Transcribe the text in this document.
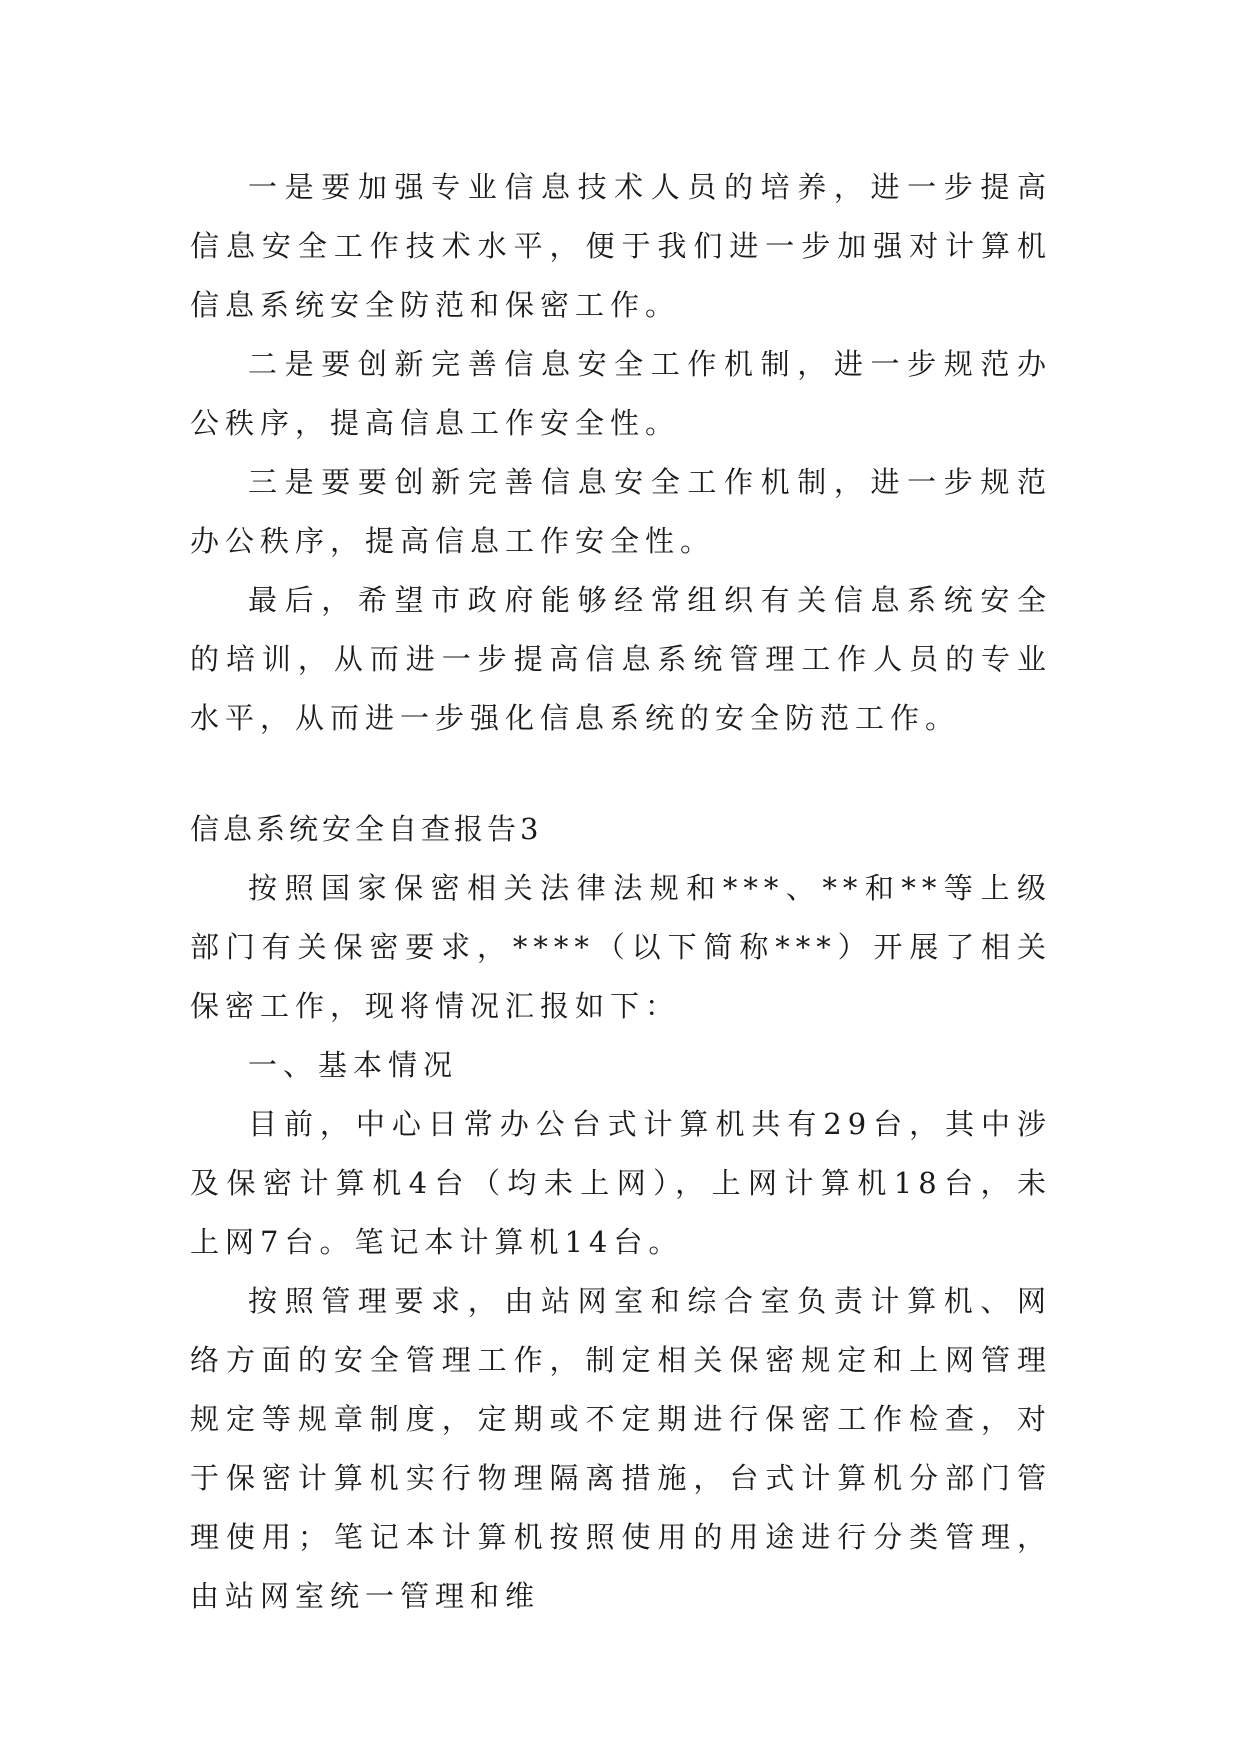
一是要加强专业信息技术人员的培养，进一步提高信息安全工作技术水平，便于我们进一步加强对计算机信息系统安全防范和保密工作。

二是要创新完善信息安全工作机制，进一步规范办公秩序，提高信息工作安全性。

三是要要创新完善信息安全工作机制，进一步规范办公秩序，提高信息工作安全性。

最后，希望市政府能够经常组织有关信息系统安全的培训，从而进一步提高信息系统管理工作人员的专业水平，从而进一步强化信息系统的安全防范工作。

信息系统安全自查报告3

按照国家保密相关法律法规和***、**和**等上级部门有关保密要求，****（以下简称***）开展了相关保密工作，现将情况汇报如下：

一、基本情况

目前，中心日常办公台式计算机共有29台，其中涉及保密计算机4台（均未上网），上网计算机18台，未上网7台。笔记本计算机14台。

按照管理要求，由站网室和综合室负责计算机、网络方面的安全管理工作，制定相关保密规定和上网管理规定等规章制度，定期或不定期进行保密工作检查，对于保密计算机实行物理隔离措施，台式计算机分部门管理使用；笔记本计算机按照使用的用途进行分类管理，由站网室统一管理和维
